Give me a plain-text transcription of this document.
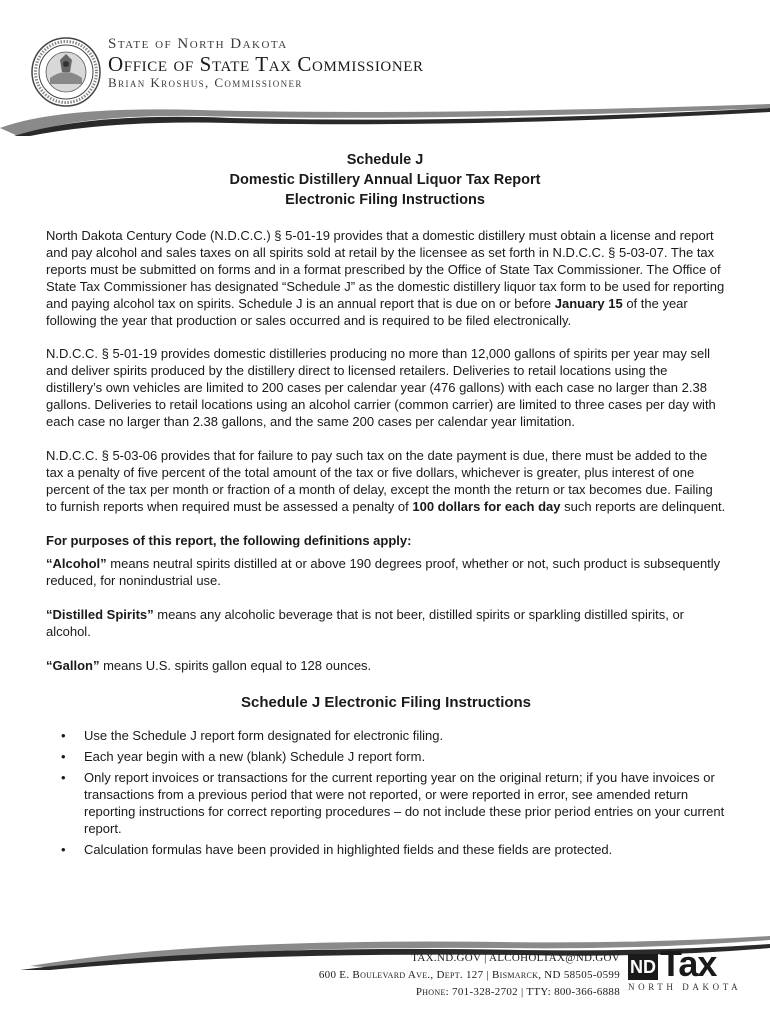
State of North Dakota
Office of State Tax Commissioner
Brian Kroshus, Commissioner
Schedule J
Domestic Distillery Annual Liquor Tax Report
Electronic Filing Instructions

North Dakota Century Code (N.D.C.C.) § 5-01-19 provides that a domestic distillery must obtain a license and report and pay alcohol and sales taxes on all spirits sold at retail by the licensee as set forth in N.D.C.C. § 5-03-07. The tax reports must be submitted on forms and in a format prescribed by the Office of State Tax Commissioner. The Office of State Tax Commissioner has designated “Schedule J” as the domestic distillery liquor tax form to be used for reporting and paying alcohol tax on spirits. Schedule J is an annual report that is due on or before January 15 of the year following the year that production or sales occurred and is required to be filed electronically.

N.D.C.C. § 5-01-19 provides domestic distilleries producing no more than 12,000 gallons of spirits per year may sell and deliver spirits produced by the distillery direct to licensed retailers. Deliveries to retail locations using the distillery’s own vehicles are limited to 200 cases per calendar year (476 gallons) with each case no larger than 2.38 gallons. Deliveries to retail locations using an alcohol carrier (common carrier) are limited to three cases per day with each case no larger than 2.38 gallons, and the same 200 cases per calendar year limitation.

N.D.C.C. § 5-03-06 provides that for failure to pay such tax on the date payment is due, there must be added to the tax a penalty of five percent of the total amount of the tax or five dollars, whichever is greater, plus interest of one percent of the tax per month or fraction of a month of delay, except the month the return or tax becomes due. Failing to furnish reports when required must be assessed a penalty of 100 dollars for each day such reports are delinquent.

For purposes of this report, the following definitions apply:

“Alcohol” means neutral spirits distilled at or above 190 degrees proof, whether or not, such product is subsequently reduced, for nonindustrial use.

“Distilled Spirits” means any alcoholic beverage that is not beer, distilled spirits or sparkling distilled spirits, or alcohol.

“Gallon” means U.S. spirits gallon equal to 128 ounces.

Schedule J Electronic Filing Instructions

• Use the Schedule J report form designated for electronic filing.
• Each year begin with a new (blank) Schedule J report form.
• Only report invoices or transactions for the current reporting year on the original return; if you have invoices or transactions from a previous period that were not reported, or were reported in error, see amended return reporting instructions for correct reporting procedures – do not include these prior period entries on your current report.
• Calculation formulas have been provided in highlighted fields and these fields are protected.
TAX.ND.GOV | ALCOHOLTAX@ND.GOV
600 E. Boulevard Ave., Dept. 127 | Bismarck, ND 58505-0599
Phone: 701-328-2702 | TTY: 800-366-6888
ND Tax
NORTH DAKOTA
